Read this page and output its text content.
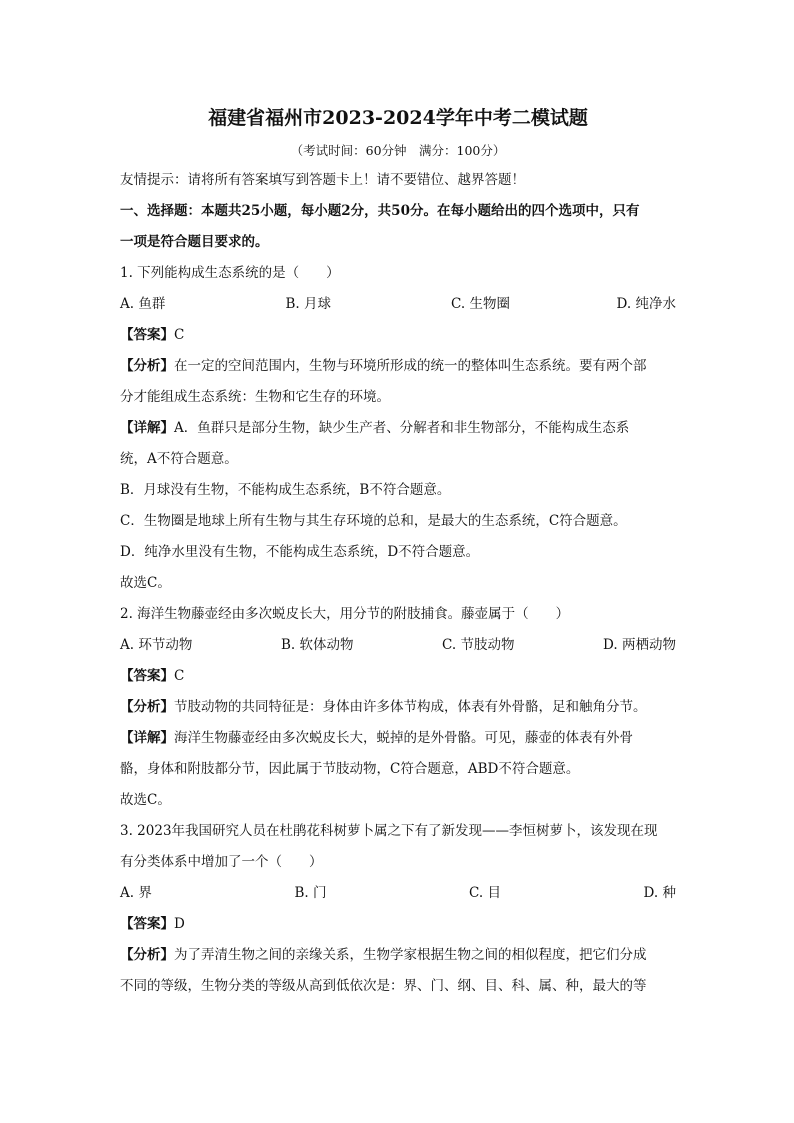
福建省福州市2023-2024学年中考二模试题
（考试时间：60分钟　满分：100分）
友情提示：请将所有答案填写到答题卡上！请不要错位、越界答题！
一、选择题：本题共25小题，每小题2分，共50分。在每小题给出的四个选项中，只有
一项是符合题目要求的。
1. 下列能构成生态系统的是（　　）
A. 鱼群	B. 月球	C. 生物圈	D. 纯净水
【答案】C
【分析】在一定的空间范围内，生物与环境所形成的统一的整体叫生态系统。要有两个部
分才能组成生态系统：生物和它生存的环境。
【详解】A．鱼群只是部分生物，缺少生产者、分解者和非生物部分，不能构成生态系
统，A不符合题意。
B．月球没有生物，不能构成生态系统，B不符合题意。
C．生物圈是地球上所有生物与其生存环境的总和，是最大的生态系统，C符合题意。
D．纯净水里没有生物，不能构成生态系统，D不符合题意。
故选C。
2. 海洋生物藤壶经由多次蜕皮长大，用分节的附肢捕食。藤壶属于（　　）
A. 环节动物	B. 软体动物	C. 节肢动物	D. 两栖动物
【答案】C
【分析】节肢动物的共同特征是：身体由许多体节构成，体表有外骨骼，足和触角分节。
【详解】海洋生物藤壶经由多次蜕皮长大，蜕掉的是外骨骼。可见，藤壶的体表有外骨
骼，身体和附肢都分节，因此属于节肢动物，C符合题意，ABD不符合题意。
故选C。
3. 2023年我国研究人员在杜鹃花科树萝卜属之下有了新发现——李恒树萝卜，该发现在现
有分类体系中增加了一个（　　）
A. 界	B. 门	C. 目	D. 种
【答案】D
【分析】为了弄清生物之间的亲缘关系，生物学家根据生物之间的相似程度，把它们分成
不同的等级，生物分类的等级从高到低依次是：界、门、纲、目、科、属、种，最大的等
